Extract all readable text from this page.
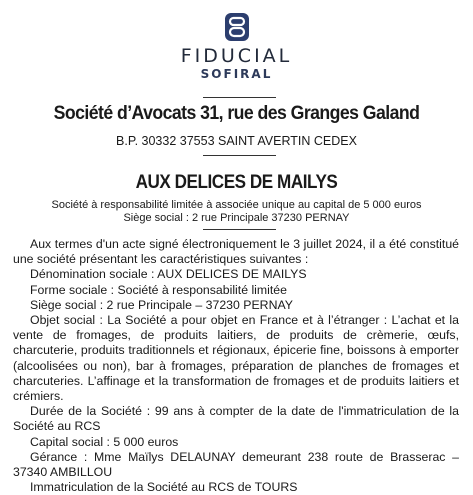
FIDUCIAL
SOFIRAL
Société d’Avocats 31, rue des Granges Galand
B.P. 30332 37553 SAINT AVERTIN CEDEX
AUX DELICES DE MAILYS
Société à responsabilité limitée à associée unique au capital de 5 000 euros
Siège social : 2 rue Principale 37230 PERNAY

Aux termes d'un acte signé électroniquement le 3 juillet 2024, il a été constitué une société présentant les caractéristiques suivantes :

Dénomination sociale : AUX DELICES DE MAILYS

Forme sociale : Société à responsabilité limitée

Siège social : 2 rue Principale – 37230 PERNAY

Objet social : La Société a pour objet en France et à l’étranger : L’achat et la vente de fromages, de produits laitiers, de produits de crèmerie, œufs, charcuterie, produits traditionnels et régionaux, épicerie fine, boissons à emporter (alcoolisées ou non), bar à fromages, préparation de planches de fromages et charcuteries. L’affinage et la transformation de fromages et de produits laitiers et crémiers.

Durée de la Société : 99 ans à compter de la date de l'immatriculation de la Société au RCS

Capital social : 5 000 euros

Gérance : Mme Maïlys DELAUNAY demeurant 238 route de Brasserac – 37340 AMBILLOU

Immatriculation de la Société au RCS de TOURS
